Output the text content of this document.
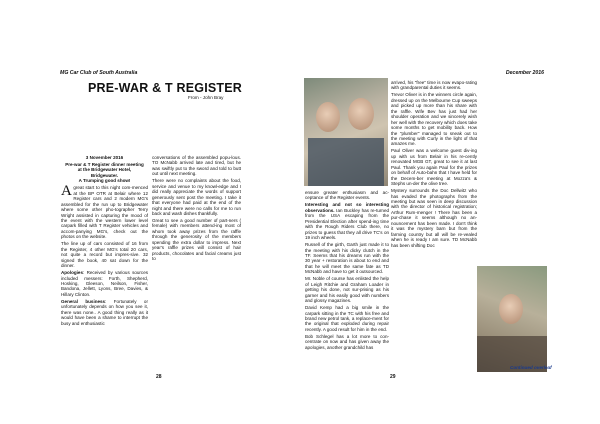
MG Car Club of South Australia	December 2016
PRE-WAR & T REGISTER
From - John Bray

3 November 2016

Pre-war & T Register dinner meeting

at the Bridgewater Hotel,

Bridgewater.

A Trumping good show!

Agreat start to this night com-menced at the BP OTR at Belair where 12 Register cars and 2 modern MG's assembled for the run up to Bridgewater where some other pho-tographer Terry Wright assisted in capturing the mood of the event with the western lower level carpark filled with T Register vehicles and accom-panying MG's, check out the photos on the website.

The line up of cars consisted of 16 from the Register, 4 other MG's total 20 cars, not quite a record but impres-sive. 32 signed the book, 40 sat down for the dinner.

Apologies: Received by various sources included messers: Forth, Shepherd, Hosking, Gleeson, Neilson, Fisher, Bandona, Jellett, Lyons, Bree, Davies, & Hillary Clinton.

General business: Fortunately or unfortunately depends on how you see it, there was none.. A good thing really as it would have been a shame to interrupt the busy and enthusiastic

conversations of the assembled popu-lous. TO McNabb arrived late and tired, but he was swiftly put to the sword and told to butt out until next meeting.

There were no complaints about the food, service and venue to my knowl-edge and I did really appreciate the words of support generously sent post the meeting. I take it that everyone had paid at the end of the night and there were no calls for me to run back and wash dishes thankfully.

Great to see a good number of part-ners ( female) with members attend-ing most of whom took away prizes from the raffle through the generosity of the members spending the extra dollar to impress. Next year's raffle prizes will consist of hair products, chocolates and facial creams just to

28

ensure greater enthusiasm and ac-ceptance of the Register events.

Interesting and not so interesting observations. Ian Buckley has re-turned from the USA escaping from the Presidential Election after spend-ing time with the Rough Riders Club there, no prizes to guess that they all drive TC's on 19 inch wheels.

Russell of the girth, Garth just made it to the meeting with his dicky clutch in the TF. Seems that his dreams run with the 30 year + restoration is about to end and that he will meet the same fate as TD McNabb and have to get it outsourced.

Mr. Noble of course has enlisted the help of Leigh Ritchie and Graham Loader in getting his done, not sur-prising as his garner and his easily good with numbers and glossy magazines.

David Kemp had a big smile in the carpark sitting in the TC with his free and brand new petrol tank, a replace-ment for the original that exploded during repair recently. A good result for him in the end.

Bob Schlegel has a lot more to con-centrate on now and has given away the apologies, another grandchild has

arrived, his "free" time is now evapo-rating with grandparental duties it seems.

Trevor Oliver is in the winners circle again, dressed up on the Melbourne Cup sweeps and picked up more than his share with the raffle. Wife Bev has just had her shoulder operation and we sincerely wish her well with the recovery which does take some months to get mobility back. How the "plumber" managed to sneak out to the meeting with Curly in the light of that amazes me.

Paul Oliver was a welcome guest div-ing up with us from Belair in his re-cently renovated MGB GT, great to see it at last Paul. Thank you again Paul for the prizes on behalf of Auto-bahn that I have held for the Decem-ber meeting at Mozza's & Stephs un-der the olive tree.

Mystery surrounds the Doc Dellwitz who has evaded the photographs from the meeting but was seen in deep discussion with the director of historical registration; Arthur Rum-menger ! There has been a pur-chase it seems although no an-nouncement has been made. I don't think it was the mystery barn but from the farming country but all will be re-vealed when he is ready I am sure. TD McNabb has been shifting Doc

Continued overleaf
29
